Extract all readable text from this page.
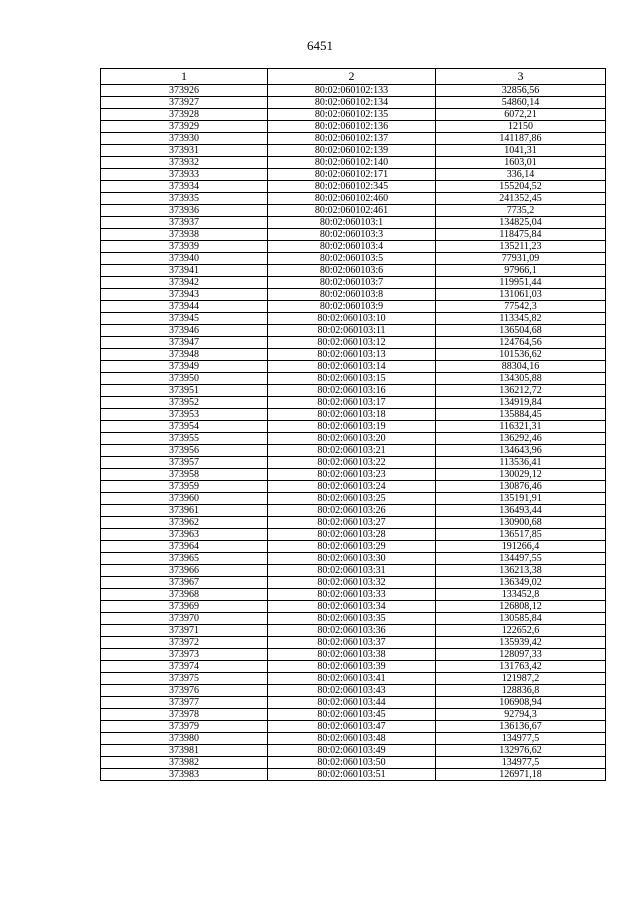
6451
1	2	3
373926	80:02:060102:133	32856,56
373927	80:02:060102:134	54860,14
373928	80:02:060102:135	6072,21
373929	80:02:060102:136	12150
373930	80:02:060102:137	141187,86
373931	80:02:060102:139	1041,31
373932	80:02:060102:140	1603,01
373933	80:02:060102:171	336,14
373934	80:02:060102:345	155204,52
373935	80:02:060102:460	241352,45
373936	80:02:060102:461	7735,2
373937	80:02:060103:1	134825,04
373938	80:02:060103:3	118475,84
373939	80:02:060103:4	135211,23
373940	80:02:060103:5	77931,09
373941	80:02:060103:6	97966,1
373942	80:02:060103:7	119951,44
373943	80:02:060103:8	131061,03
373944	80:02:060103:9	77542,3
373945	80:02:060103:10	113345,82
373946	80:02:060103:11	136504,68
373947	80:02:060103:12	124764,56
373948	80:02:060103:13	101536,62
373949	80:02:060103:14	88304,16
373950	80:02:060103:15	134305,88
373951	80:02:060103:16	136212,72
373952	80:02:060103:17	134919,84
373953	80:02:060103:18	135884,45
373954	80:02:060103:19	116321,31
373955	80:02:060103:20	136292,46
373956	80:02:060103:21	134643,96
373957	80:02:060103:22	113536,41
373958	80:02:060103:23	130029,12
373959	80:02:060103:24	130876,46
373960	80:02:060103:25	135191,91
373961	80:02:060103:26	136493,44
373962	80:02:060103:27	130900,68
373963	80:02:060103:28	136517,85
373964	80:02:060103:29	191266,4
373965	80:02:060103:30	134497,55
373966	80:02:060103:31	136213,38
373967	80:02:060103:32	136349,02
373968	80:02:060103:33	133452,8
373969	80:02:060103:34	126808,12
373970	80:02:060103:35	130585,84
373971	80:02:060103:36	122652,6
373972	80:02:060103:37	135939,42
373973	80:02:060103:38	128097,33
373974	80:02:060103:39	131763,42
373975	80:02:060103:41	121987,2
373976	80:02:060103:43	128836,8
373977	80:02:060103:44	106908,94
373978	80:02:060103:45	92794,3
373979	80:02:060103:47	136136,67
373980	80:02:060103:48	134977,5
373981	80:02:060103:49	132976,62
373982	80:02:060103:50	134977,5
373983	80:02:060103:51	126971,18
